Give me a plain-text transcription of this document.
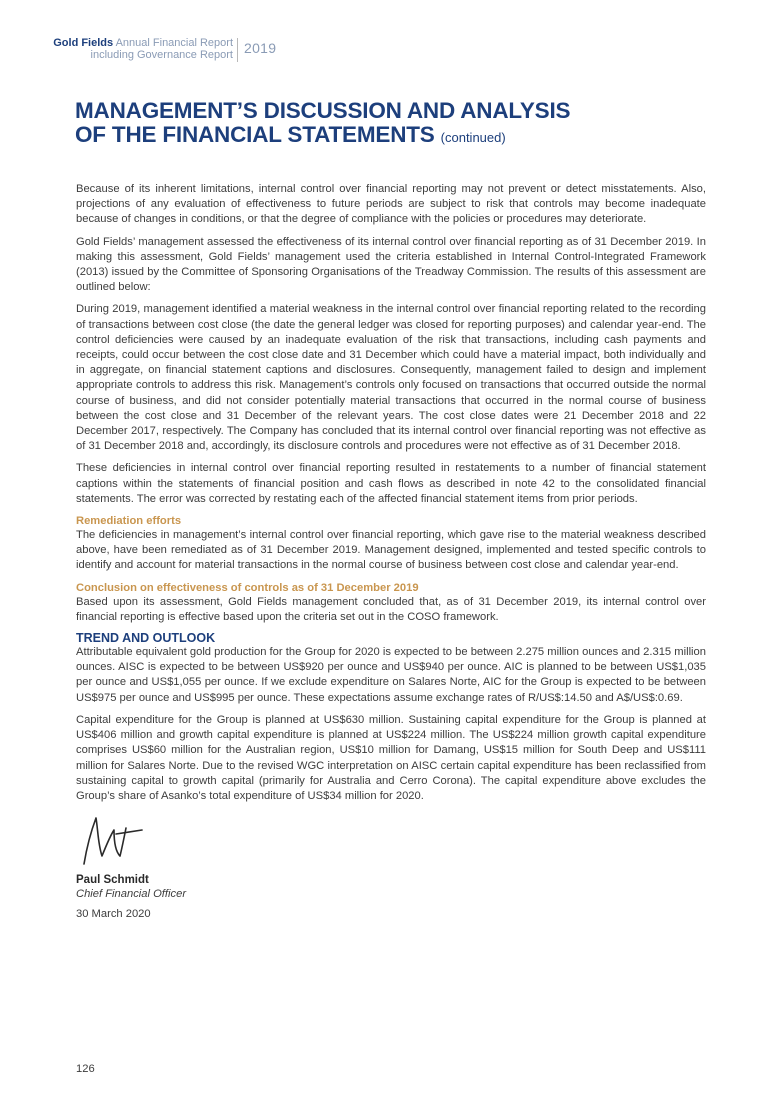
Gold Fields Annual Financial Report
including Governance Report 2019
MANAGEMENT’S DISCUSSION AND ANALYSIS
OF THE FINANCIAL STATEMENTS (continued)

Because of its inherent limitations, internal control over financial reporting may not prevent or detect misstatements. Also, projections of any evaluation of effectiveness to future periods are subject to risk that controls may become inadequate because of changes in conditions, or that the degree of compliance with the policies or procedures may deteriorate.

Gold Fields’ management assessed the effectiveness of its internal control over financial reporting as of 31 December 2019. In making this assessment, Gold Fields’ management used the criteria established in Internal Control-Integrated Framework (2013) issued by the Committee of Sponsoring Organisations of the Treadway Commission. The results of this assessment are outlined below:

During 2019, management identified a material weakness in the internal control over financial reporting related to the recording of transactions between cost close (the date the general ledger was closed for reporting purposes) and calendar year-end. The control deficiencies were caused by an inadequate evaluation of the risk that transactions, including cash payments and receipts, could occur between the cost close date and 31 December which could have a material impact, both individually and in aggregate, on financial statement captions and disclosures. Consequently, management failed to design and implement appropriate controls to address this risk. Management’s controls only focused on transactions that occurred outside the normal course of business, and did not consider potentially material transactions that occurred in the normal course of business between the cost close and 31 December of the relevant years. The cost close dates were 21 December 2018 and 22 December 2017, respectively. The Company has concluded that its internal control over financial reporting was not effective as of 31 December 2018 and, accordingly, its disclosure controls and procedures were not effective as of 31 December 2018.

These deficiencies in internal control over financial reporting resulted in restatements to a number of financial statement captions within the statements of financial position and cash flows as described in note 42 to the consolidated financial statements. The error was corrected by restating each of the affected financial statement items from prior periods.

Remediation efforts

The deficiencies in management’s internal control over financial reporting, which gave rise to the material weakness described above, have been remediated as of 31 December 2019. Management designed, implemented and tested specific controls to identify and account for material transactions in the normal course of business between cost close and calendar year-end.

Conclusion on effectiveness of controls as of 31 December 2019

Based upon its assessment, Gold Fields management concluded that, as of 31 December 2019, its internal control over financial reporting is effective based upon the criteria set out in the COSO framework.

TREND AND OUTLOOK

Attributable equivalent gold production for the Group for 2020 is expected to be between 2.275 million ounces and 2.315 million ounces. AISC is expected to be between US$920 per ounce and US$940 per ounce. AIC is planned to be between US$1,035 per ounce and US$1,055 per ounce. If we exclude expenditure on Salares Norte, AIC for the Group is expected to be between US$975 per ounce and US$995 per ounce. These expectations assume exchange rates of R/US$:14.50 and A$/US$:0.69.

Capital expenditure for the Group is planned at US$630 million. Sustaining capital expenditure for the Group is planned at US$406 million and growth capital expenditure is planned at US$224 million. The US$224 million growth capital expenditure comprises US$60 million for the Australian region, US$10 million for Damang, US$15 million for South Deep and US$111 million for Salares Norte. Due to the revised WGC interpretation on AISC certain capital expenditure has been reclassified from sustaining capital to growth capital (primarily for Australia and Cerro Corona). The capital expenditure above excludes the Group’s share of Asanko’s total expenditure of US$34 million for 2020.

Paul Schmidt
Chief Financial Officer
30 March 2020
126
